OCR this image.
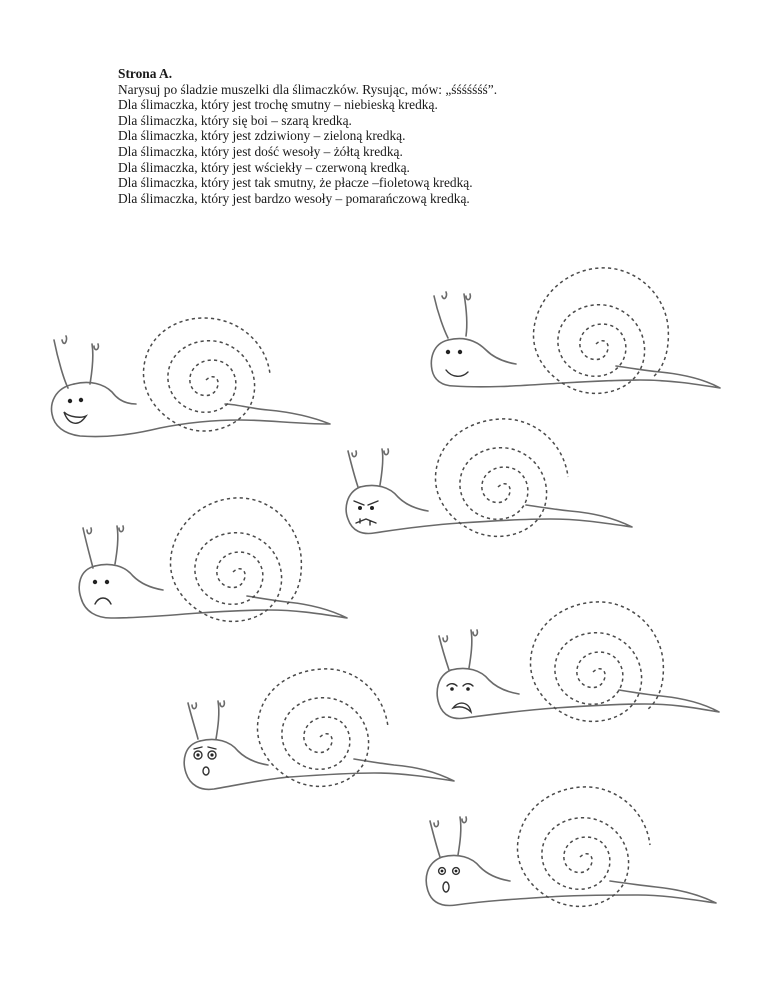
Strona A.
Narysuj po śladzie muszelki dla ślimaczków. Rysując, mów: „śśśśśśś”.
Dla ślimaczka, który jest trochę smutny – niebieską kredką.
Dla ślimaczka, który się boi – szarą kredką.
Dla ślimaczka, który jest zdziwiony – zieloną kredką.
Dla ślimaczka, który jest dość wesoły – żółtą kredką.
Dla ślimaczka, który jest wściekły – czerwoną kredką.
Dla ślimaczka, który jest tak smutny, że płacze –fioletową kredką.
Dla ślimaczka, który jest bardzo wesoły – pomarańczową kredką.
